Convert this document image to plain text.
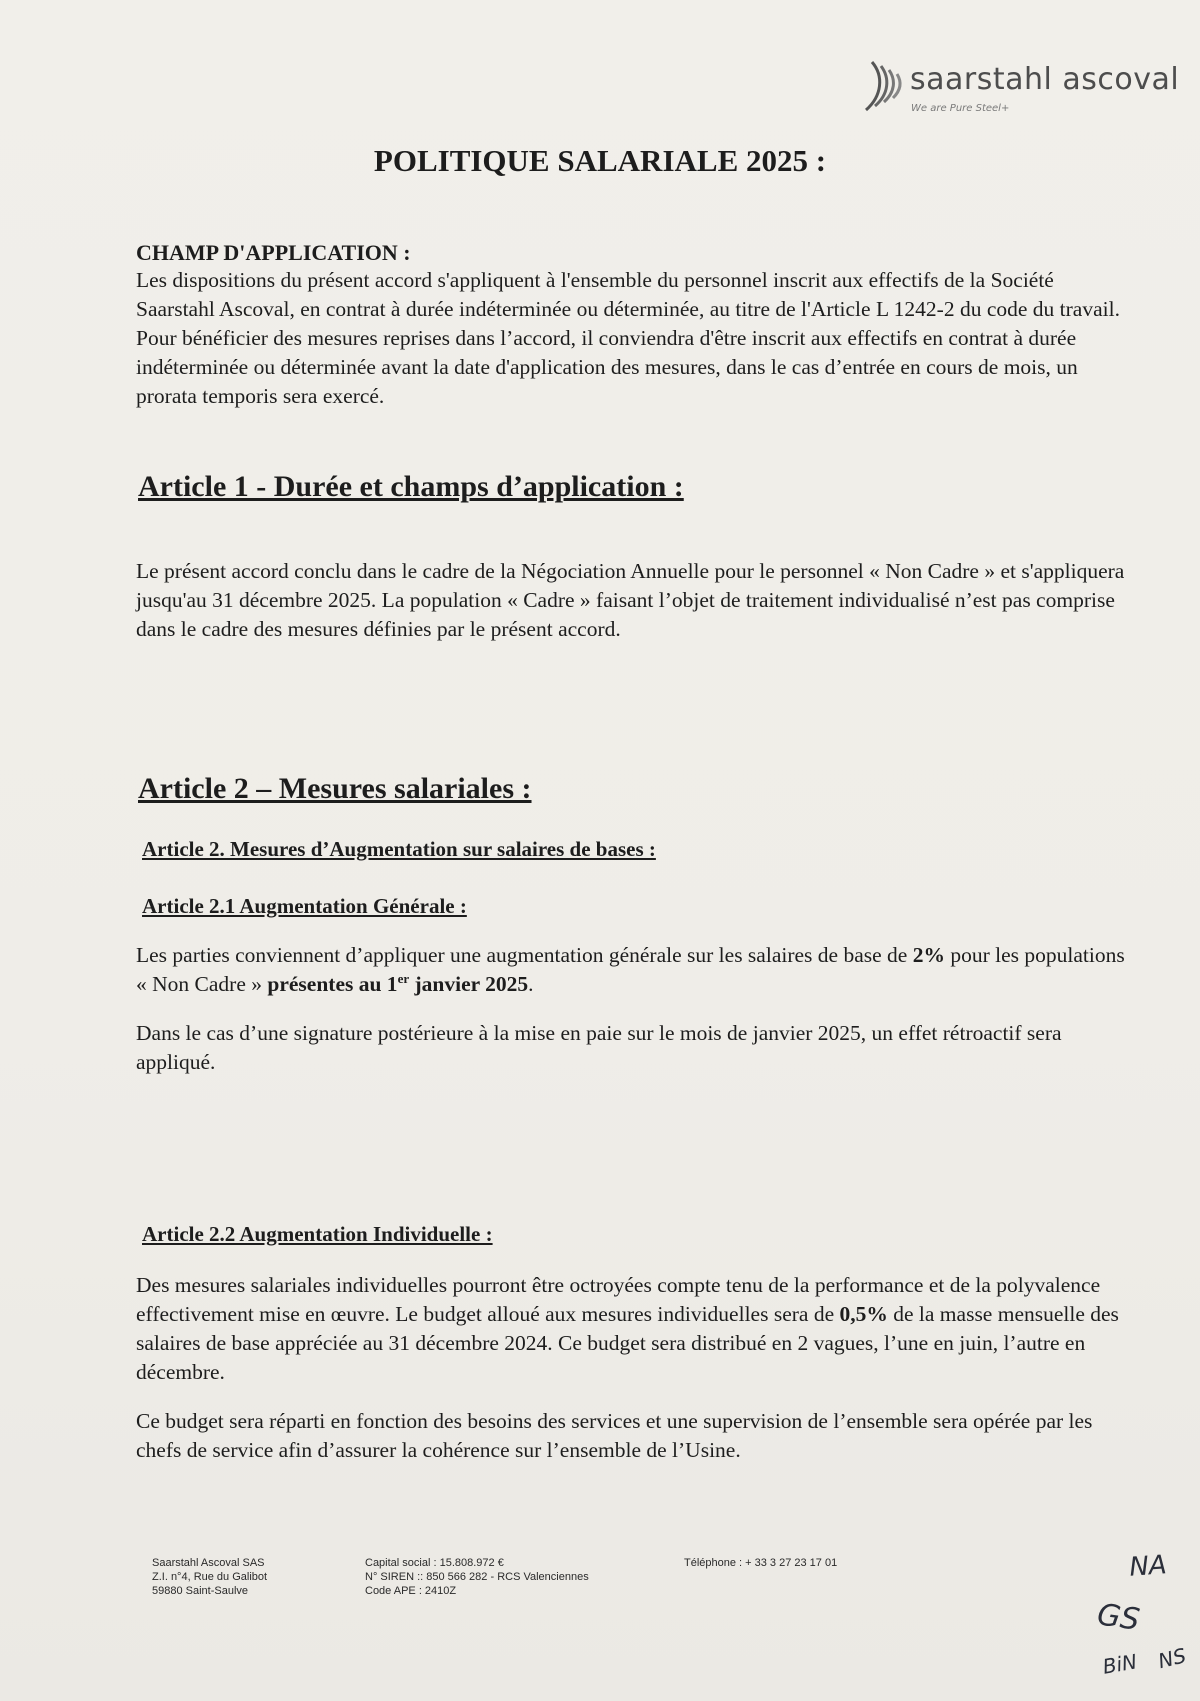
saarstahl ascoval
We are Pure Steel+
POLITIQUE SALARIALE 2025 :

CHAMP D'APPLICATION :

Les dispositions du présent accord s'appliquent à l'ensemble du personnel inscrit aux effectifs de la Société Saarstahl Ascoval, en contrat à durée indéterminée ou déterminée, au titre de l'Article L 1242-2 du code du travail. Pour bénéficier des mesures reprises dans l’accord, il conviendra d'être inscrit aux effectifs en contrat à durée indéterminée ou déterminée avant la date d'application des mesures, dans le cas d’entrée en cours de mois, un prorata temporis sera exercé.

Article 1 - Durée et champs d’application :

Le présent accord conclu dans le cadre de la Négociation Annuelle pour le personnel « Non Cadre » et s'appliquera jusqu'au 31 décembre 2025. La population « Cadre » faisant l’objet de traitement individualisé n’est pas comprise dans le cadre des mesures définies par le présent accord.

Article 2 – Mesures salariales :
Article 2. Mesures d’Augmentation sur salaires de bases :
Article 2.1 Augmentation Générale :

Les parties conviennent d’appliquer une augmentation générale sur les salaires de base de 2% pour les populations « Non Cadre » présentes au 1er janvier 2025.

Dans le cas d’une signature postérieure à la mise en paie sur le mois de janvier 2025, un effet rétroactif sera appliqué.

Article 2.2 Augmentation Individuelle :

Des mesures salariales individuelles pourront être octroyées compte tenu de la performance et de la polyvalence effectivement mise en œuvre. Le budget alloué aux mesures individuelles sera de 0,5% de la masse mensuelle des salaires de base appréciée au 31 décembre 2024. Ce budget sera distribué en 2 vagues, l’une en juin, l’autre en décembre.

Ce budget sera réparti en fonction des besoins des services et une supervision de l’ensemble sera opérée par les chefs de service afin d’assurer la cohérence sur l’ensemble de l’Usine.

Saarstahl Ascoval SAS
Z.I. n°4, Rue du Galibot
59880 Saint-Saulve
Capital social : 15.808.972 €
N° SIREN :: 850 566 282 - RCS Valenciennes
Code APE : 2410Z
Téléphone : + 33 3 27 23 17 01	NA
GS
BiN NS
